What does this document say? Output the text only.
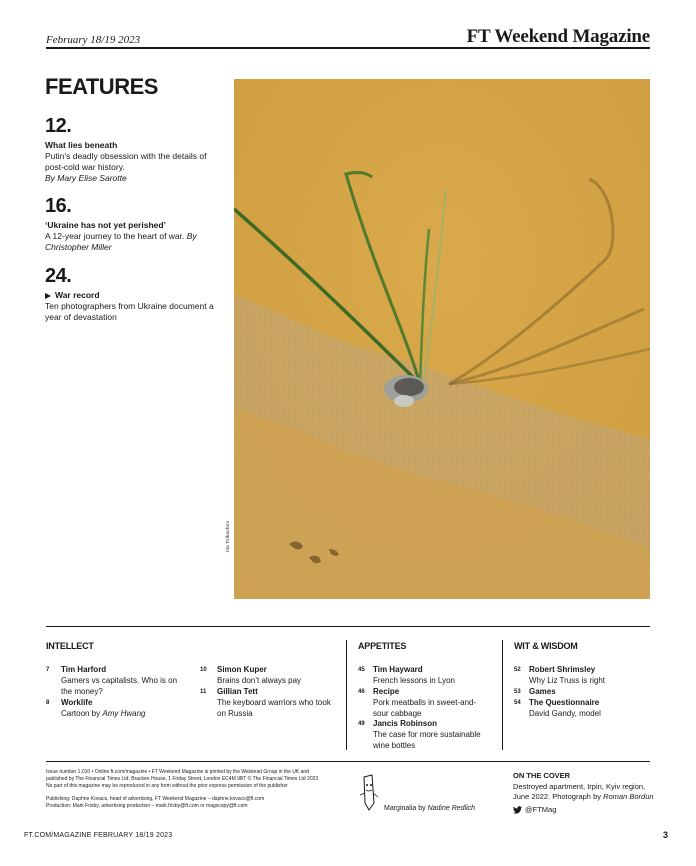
February 18/19 2023	FT Weekend Magazine
FEATURES
12.
What lies beneath
Putin’s deadly obsession with the details of post-cold war history.
By Mary Elise Sarotte
16.
‘Ukraine has not yet perished’
A 12-year journey to the heart of war. By Christopher Miller
24.
War record
Ten photographers from Ukraine document a year of devastation
Ilia Tolkachov
INTELLECT
7 Tim Harford
Gamers vs capitalists. Who is on the money?
8 Worklife
Cartoon by Amy Hwang
10 Simon Kuper
Brains don’t always pay
11 Gillian Tett
The keyboard warriors who took on Russia
APPETITES
45 Tim Hayward
French lessons in Lyon
46 Recipe
Pork meatballs in sweet-and-sour cabbage
49 Jancis Robinson
The case for more sustainable wine bottles
WIT & WISDOM
52 Robert Shrimsley
Why Liz Truss is right
53 Games
54 The Questionnaire
David Gandy, model
Issue number 1,010 • Online ft.com/magazine • FT Weekend Magazine is printed by the Walstead Group in the UK and
published by The Financial Times Ltd, Bracken House, 1 Friday Street, London EC4M 9BT © The Financial Times Ltd 2023
No part of this magazine may be reproduced in any form without the prior express permission of the publisher
Publishing: Daphne Kovacs, head of advertising, FT Weekend Magazine – daphne.kovacs@ft.com
Production: Mark Frisby, advertising production – mark.frisby@ft.com or magscopy@ft.com	Marginalia by Nadine Redlich
ON THE COVER
Destroyed apartment, Irpin, Kyiv region, June 2022. Photograph by Roman Bordun
@FTMag
FT.COM/MAGAZINE FEBRUARY 18/19 2023	3
